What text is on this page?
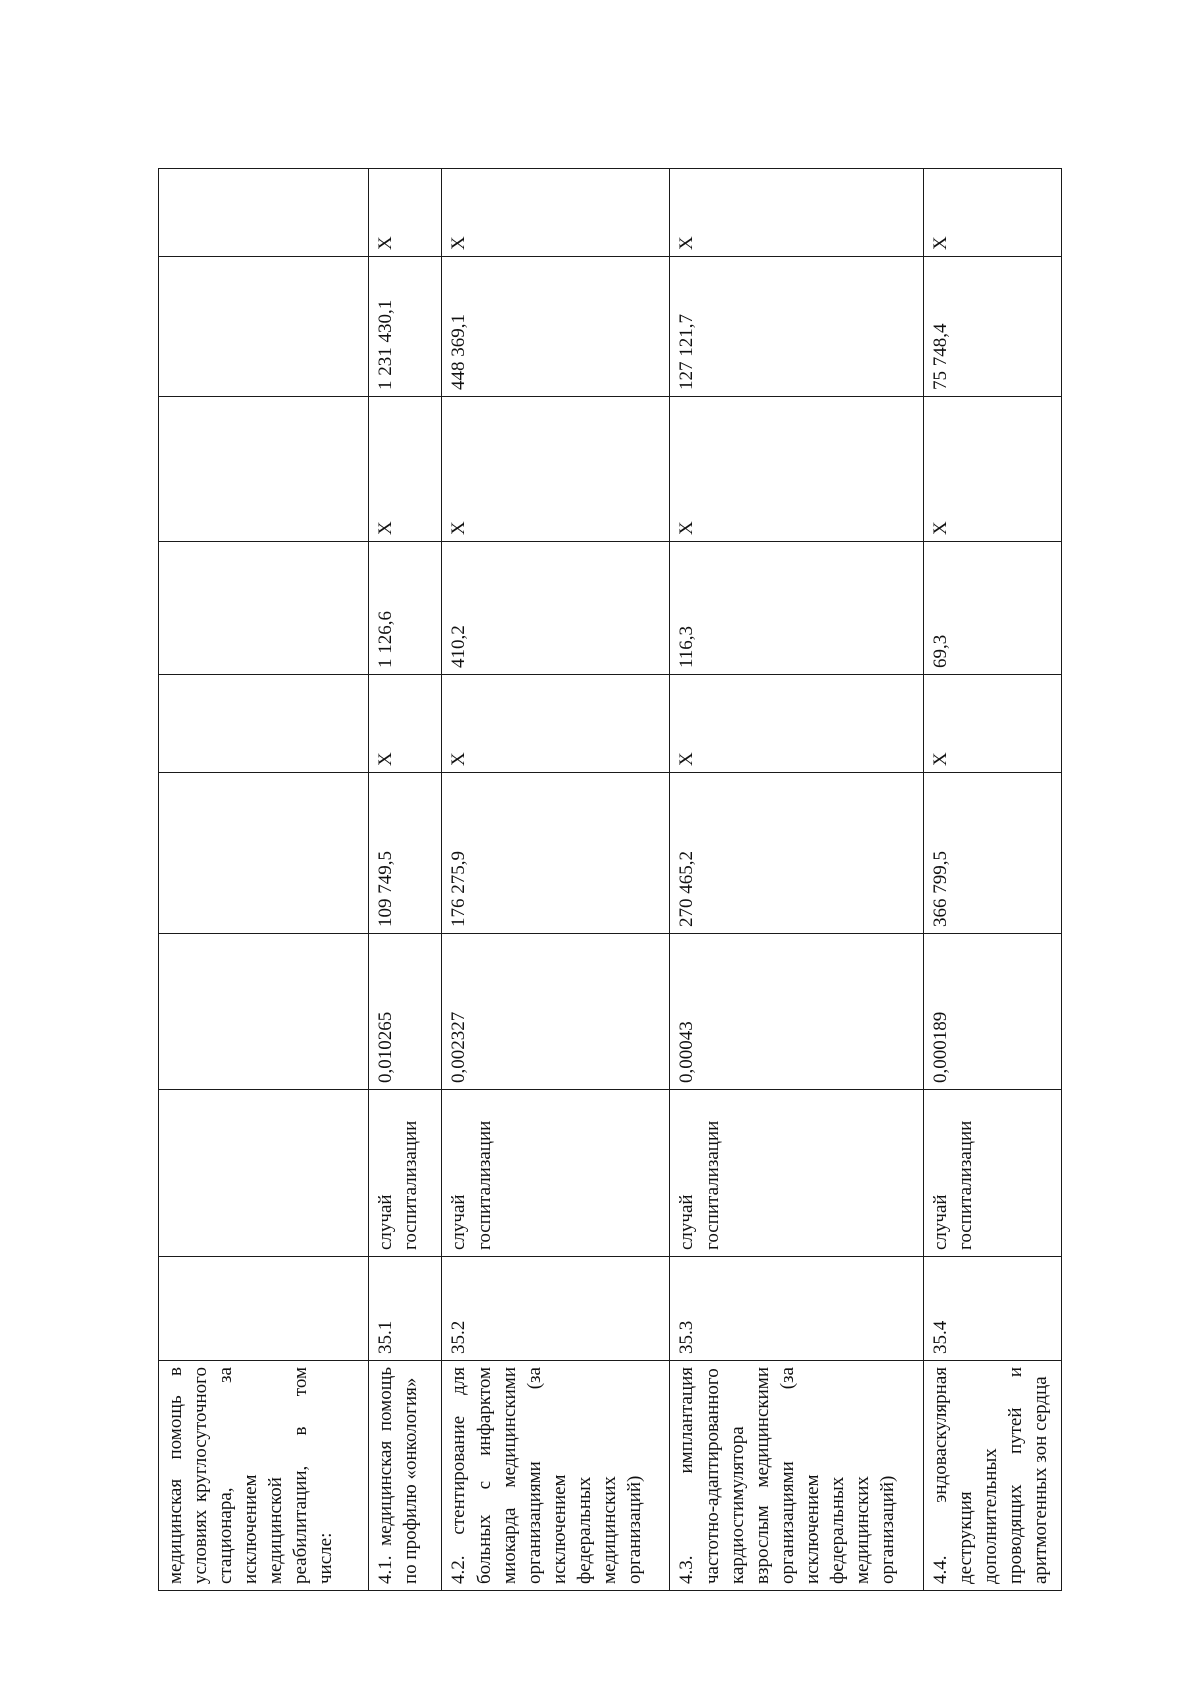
медицинская помощь в условиях круглосуточного стационара, за исключением медицинской реабилитации, в том числе:									
4.1. медицинская помощь по профилю «онкология»	35.1	случай госпитализации	0,010265	109 749,5	X	1 126,6	X	1 231 430,1	X
4.2. стентирование для больных с инфарктом миокарда медицинскими организациями (за исключением федеральных медицинских организаций)	35.2	случай госпитализации	0,002327	176 275,9	X	410,2	X	448 369,1	X
4.3. имплантация частотно-адаптированного кардиостимулятора взрослым медицинскими организациями (за исключением федеральных медицинских организаций)	35.3	случай госпитализации	0,00043	270 465,2	X	116,3	X	127 121,7	X
4.4. эндоваскулярная деструкция дополнительных проводящих путей и аритмогенных зон сердца	35.4	случай госпитализации	0,000189	366 799,5	X	69,3	X	75 748,4	X
